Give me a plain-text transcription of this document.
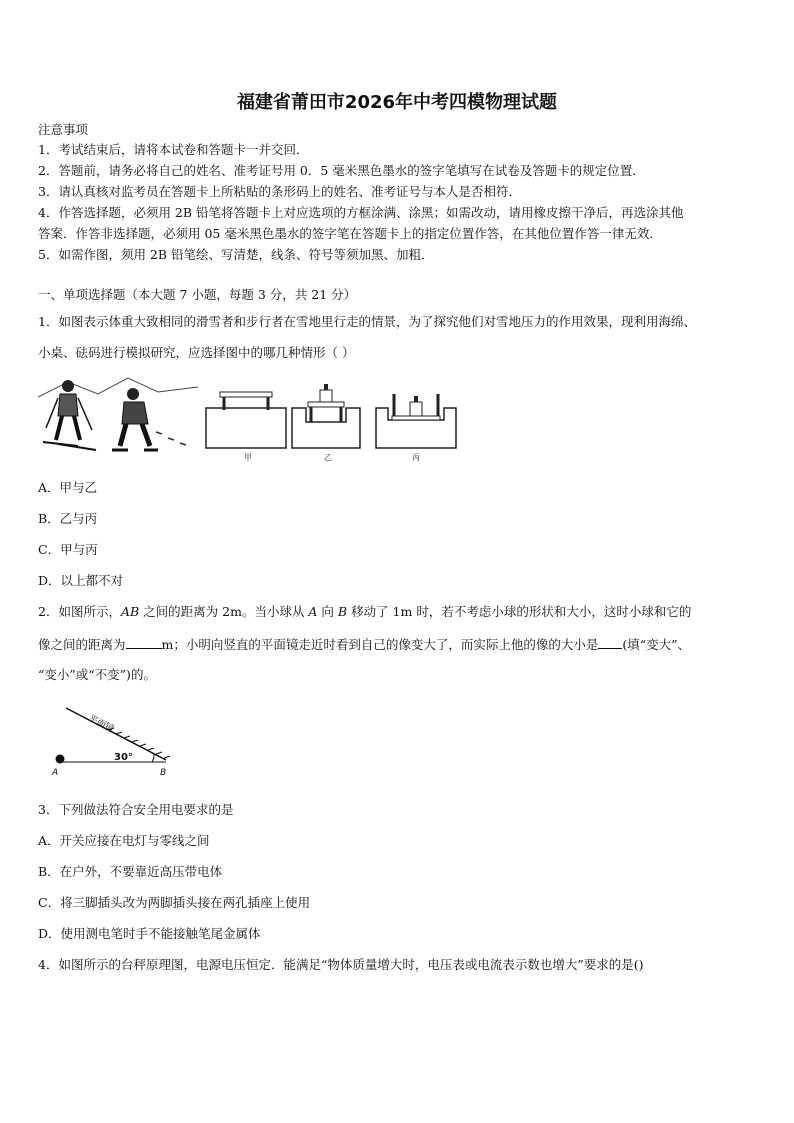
福建省莆田市2026年中考四模物理试题
注意事项
1．考试结束后，请将本试卷和答题卡一并交回．
2．答题前，请务必将自己的姓名、准考证号用 0．5 毫米黑色墨水的签字笔填写在试卷及答题卡的规定位置．
3．请认真核对监考员在答题卡上所粘贴的条形码上的姓名、准考证号与本人是否相符．
4．作答选择题，必须用 2B 铅笔将答题卡上对应选项的方框涂满、涂黑；如需改动，请用橡皮擦干净后，再选涂其他
答案．作答非选择题，必须用 05 毫米黑色墨水的签字笔在答题卡上的指定位置作答，在其他位置作答一律无效．
5．如需作图，须用 2B 铅笔绘、写清楚，线条、符号等须加黑、加粗．
一、单项选择题（本大题 7 小题，每题 3 分，共 21 分）
1．如图表示体重大致相同的滑雪者和步行者在雪地里行走的情景，为了探究他们对雪地压力的作用效果，现利用海绵、
小桌、砝码进行模拟研究，应选择图中的哪几种情形（ ）
甲	乙	丙
A．甲与乙
B．乙与丙
C．甲与丙
D．以上都不对
2．如图所示，AB 之间的距离为 2m。当小球从 A 向 B 移动了 1m 时，若不考虑小球的形状和大小，这时小球和它的
像之间的距离为	m；小明向竖直的平面镜走近时看到自己的像变大了，而实际上他的像的大小是 (填“变大”、
“变小”或“不变”)的。
平面镜
30°
A	B
3．下列做法符合安全用电要求的是
A．开关应接在电灯与零线之间
B．在户外，不要靠近高压带电体
C．将三脚插头改为两脚插头接在两孔插座上使用
D．使用测电笔时手不能接触笔尾金属体
4．如图所示的台秤原理图，电源电压恒定．能满足“物体质量增大时，电压表或电流表示数也增大”要求的是()
